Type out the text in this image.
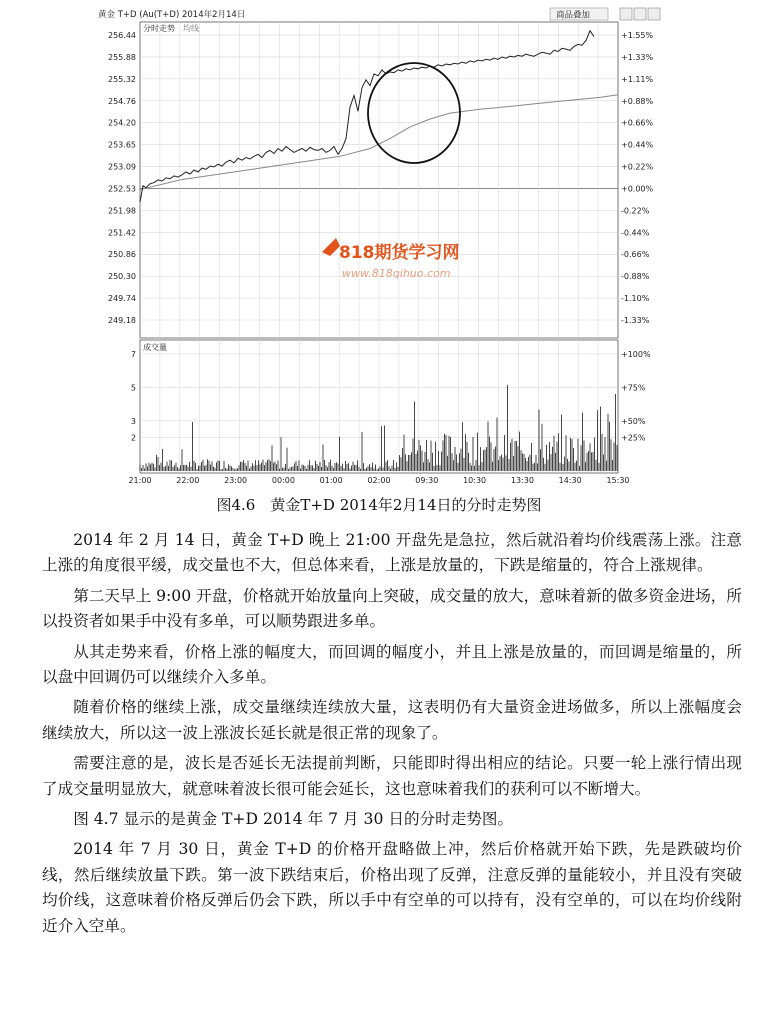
黄金 T+D (Au(T+D) 2014年2月14日	商品叠加
分时走势 均线
256.44
255.88
255.32
254.76
254.20
253.65
253.09
252.53
251.98
251.42
250.86
250.30
249.74
249.18
+1.55%
+1.33%
+1.11%
+0.88%
+0.66%
+0.44%
+0.22%
+0.00%
-0.22%
-0.44%
-0.66%
-0.88%
-1.10%
-1.33%
成交量
7
5
3
2
+100%
+75%
+50%
+25%
21:00	22:00	23:00	00:00	01:00	02:00	09:30	10:30	13:30	14:30	15:30
818期货学习网
www.818qihuo.com
图4.6　黄金T+D 2014年2月14日的分时走势图

2014 年 2 月 14 日，黄金 T+D 晚上 21:00 开盘先是急拉，然后就沿着均价线震荡上涨。注意上涨的角度很平缓，成交量也不大，但总体来看，上涨是放量的，下跌是缩量的，符合上涨规律。

第二天早上 9:00 开盘，价格就开始放量向上突破，成交量的放大，意味着新的做多资金进场，所以投资者如果手中没有多单，可以顺势跟进多单。

从其走势来看，价格上涨的幅度大，而回调的幅度小，并且上涨是放量的，而回调是缩量的，所以盘中回调仍可以继续介入多单。

随着价格的继续上涨，成交量继续连续放大量，这表明仍有大量资金进场做多，所以上涨幅度会继续放大，所以这一波上涨波长延长就是很正常的现象了。

需要注意的是，波长是否延长无法提前判断，只能即时得出相应的结论。只要一轮上涨行情出现了成交量明显放大，就意味着波长很可能会延长，这也意味着我们的获利可以不断增大。

图 4.7 显示的是黄金 T+D 2014 年 7 月 30 日的分时走势图。

2014 年 7 月 30 日，黄金 T+D 的价格开盘略做上冲，然后价格就开始下跌，先是跌破均价线，然后继续放量下跌。第一波下跌结束后，价格出现了反弹，注意反弹的量能较小，并且没有突破均价线，这意味着价格反弹后仍会下跌，所以手中有空单的可以持有，没有空单的，可以在均价线附近介入空单。
